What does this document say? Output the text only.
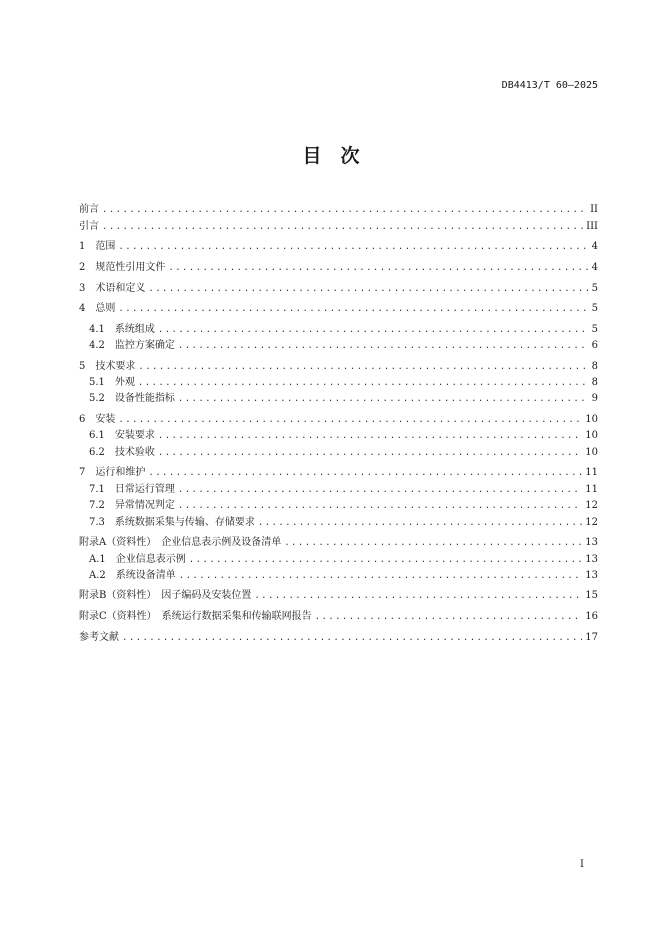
DB4413/T 60—2025
目　次
前言 .....	II
引言 .....	III
1　范围 .....	4
2　规范性引用文件 .....	4
3　术语和定义 .....	5
4　总则 .....	5
4.1　系统组成 .....	5
4.2　监控方案确定 .....	6
5　技术要求 .....	8
5.1　外观 .....	8
5.2　设备性能指标 .....	9
6　安装 .....	10
6.1　安装要求 .....	10
6.2　技术验收 .....	10
7　运行和维护 .....	11
7.1　日常运行管理 .....	11
7.2　异常情况判定 .....	12
7.3　系统数据采集与传输、存储要求 .....	12
附录A（资料性）　企业信息表示例及设备清单 .....	13
A.1　企业信息表示例 .....	13
A.2　系统设备清单 .....	13
附录B（资料性）　因子编码及安装位置 .....	15
附录C（资料性）　系统运行数据采集和传输联网报告 .....	16
参考文献 .....	17
I
